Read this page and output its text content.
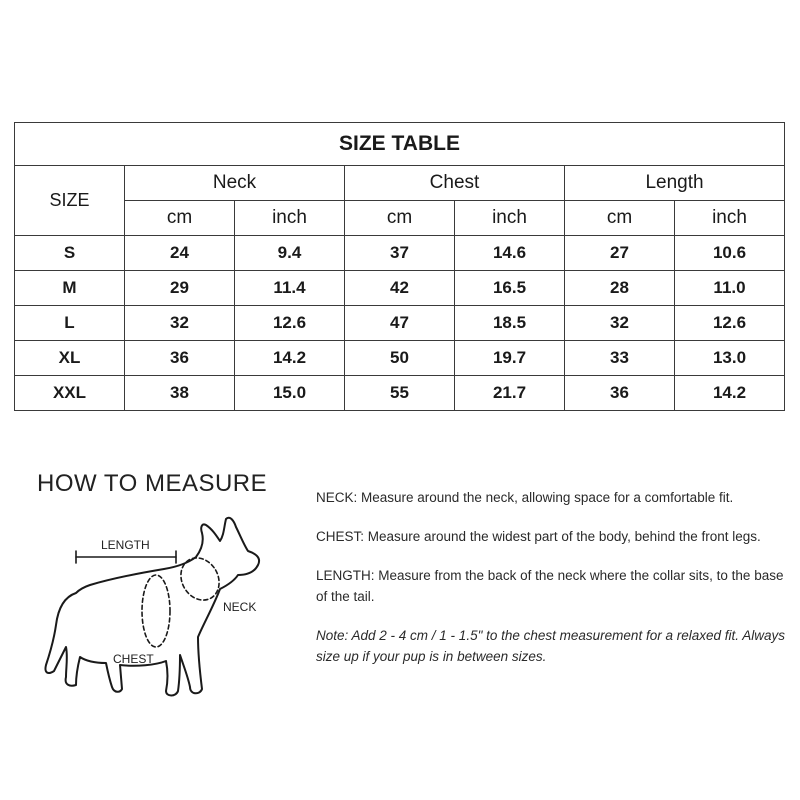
SIZE TABLE						
SIZE	Neck		Chest		Length	
	cm	inch	cm	inch	cm	inch
S	24	9.4	37	14.6	27	10.6
M	29	11.4	42	16.5	28	11.0
L	32	12.6	47	18.5	32	12.6
XL	36	14.2	50	19.7	33	13.0
XXL	38	15.0	55	21.7	36	14.2
HOW TO MEASURE
LENGTH
NECK
CHEST

NECK: Measure around the neck, allowing space for a comfortable fit.

CHEST: Measure around the widest part of the body, behind the front legs.

LENGTH: Measure from the back of the neck where the collar sits, to the base of the tail.

Note: Add 2 - 4 cm / 1 - 1.5" to the chest measurement for a relaxed fit. Always size up if your pup is in between sizes.
